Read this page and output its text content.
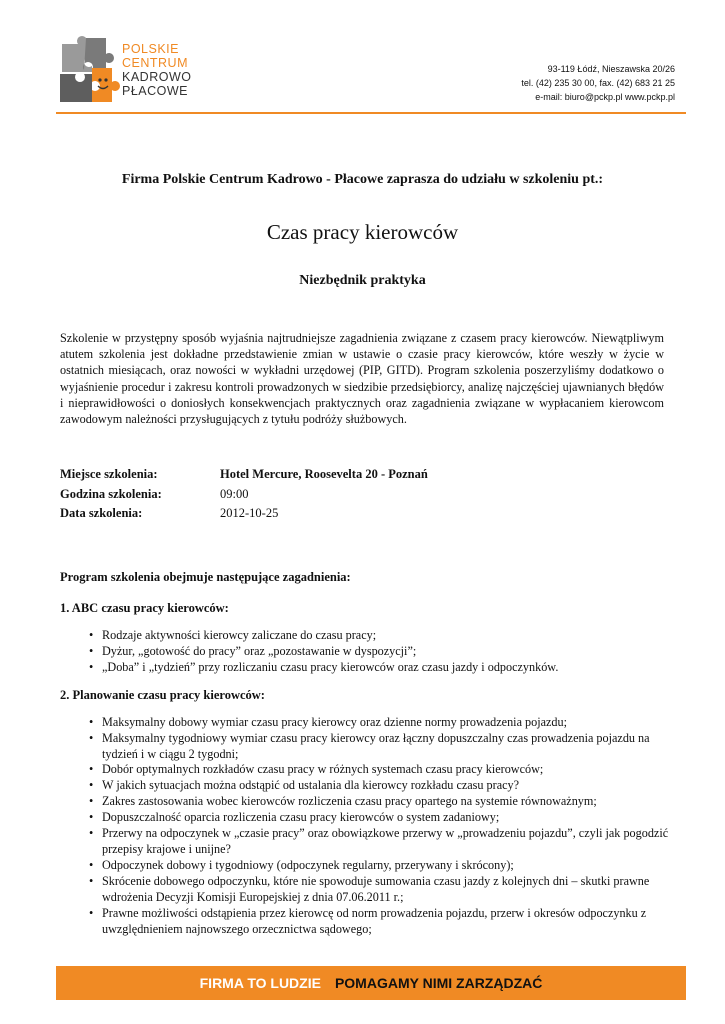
POLSKIE
CENTRUM
KADROWO
PŁACOWE
93-119 Łódź, Nieszawska 20/26
tel. (42) 235 30 00, fax. (42) 683 21 25
e-mail: biuro@pckp.pl www.pckp.pl
Firma Polskie Centrum Kadrowo - Płacowe zaprasza do udziału w szkoleniu pt.:
Czas pracy kierowców
Niezbędnik praktyka
Szkolenie w przystępny sposób wyjaśnia najtrudniejsze zagadnienia związane z czasem pracy kierowców. Niewątpliwym atutem szkolenia jest dokładne przedstawienie zmian w ustawie o czasie pracy kierowców, które weszły w życie w ostatnich miesiącach, oraz nowości w wykładni urzędowej (PIP, GITD). Program szkolenia poszerzyliśmy dodatkowo o wyjaśnienie procedur i zakresu kontroli prowadzonych w siedzibie przedsiębiorcy, analizę najczęściej ujawnianych błędów i nieprawidłowości o doniosłych konsekwencjach praktycznych oraz zagadnienia związane w wypłacaniem kierowcom zawodowym należności przysługujących z tytułu podróży służbowych.
Miejsce szkolenia:	Hotel Mercure, Roosevelta 20 - Poznań
Godzina szkolenia:	09:00
Data szkolenia:	2012-10-25
Program szkolenia obejmuje następujące zagadnienia:
1. ABC czasu pracy kierowców:
• Rodzaje aktywności kierowcy zaliczane do czasu pracy;
• Dyżur, „gotowość do pracy” oraz „pozostawanie w dyspozycji”;
• „Doba” i „tydzień” przy rozliczaniu czasu pracy kierowców oraz czasu jazdy i odpoczynków.
2. Planowanie czasu pracy kierowców:
• Maksymalny dobowy wymiar czasu pracy kierowcy oraz dzienne normy prowadzenia pojazdu;
• Maksymalny tygodniowy wymiar czasu pracy kierowcy oraz łączny dopuszczalny czas prowadzenia pojazdu na tydzień i w ciągu 2 tygodni;
• Dobór optymalnych rozkładów czasu pracy w różnych systemach czasu pracy kierowców;
• W jakich sytuacjach można odstąpić od ustalania dla kierowcy rozkładu czasu pracy?
• Zakres zastosowania wobec kierowców rozliczenia czasu pracy opartego na systemie równoważnym;
• Dopuszczalność oparcia rozliczenia czasu pracy kierowców o system zadaniowy;
• Przerwy na odpoczynek w „czasie pracy” oraz obowiązkowe przerwy w „prowadzeniu pojazdu”, czyli jak pogodzić przepisy krajowe i unijne?
• Odpoczynek dobowy i tygodniowy (odpoczynek regularny, przerywany i skrócony);
• Skrócenie dobowego odpoczynku, które nie spowoduje sumowania czasu jazdy z kolejnych dni – skutki prawne wdrożenia Decyzji Komisji Europejskiej z dnia 07.06.2011 r.;
• Prawne możliwości odstąpienia przez kierowcę od norm prowadzenia pojazdu, przerw i okresów odpoczynku z uwzględnieniem najnowszego orzecznictwa sądowego;
FIRMA TO LUDZIE POMAGAMY NIMI ZARZĄDZAĆ
